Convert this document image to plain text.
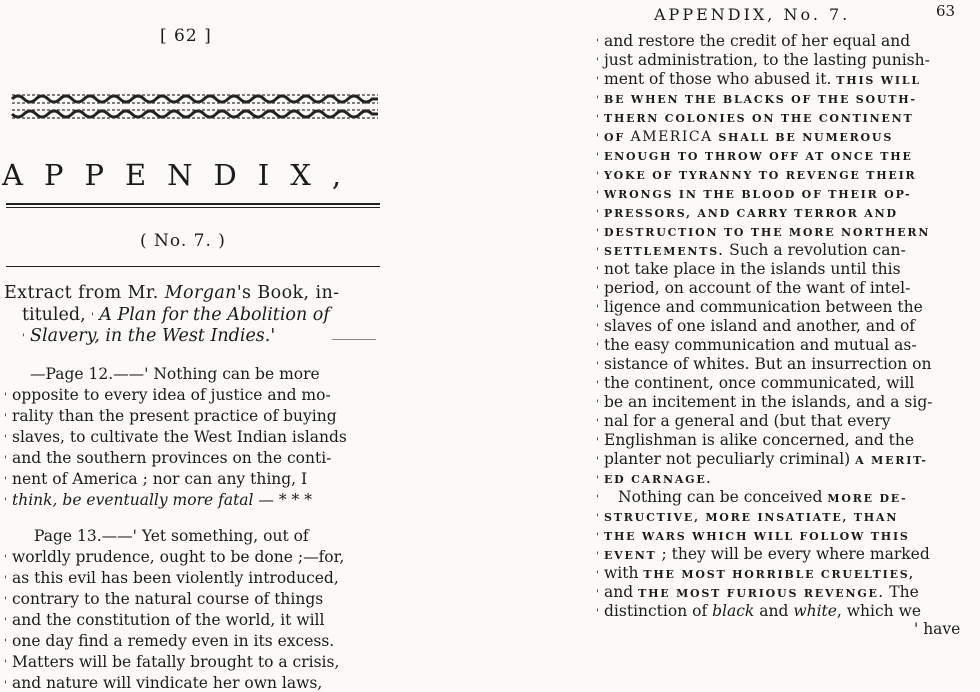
[ 62 ]
APPENDIX,
( No. 7. )
Extract from Mr. Morgan's Book, in-
tituled, ' A Plan for the Abolition of
' Slavery, in the West Indies.'
—Page 12.——' Nothing can be more
' opposite to every idea of justice and mo-
' rality than the present practice of buying
' slaves, to cultivate the West Indian islands
' and the southern provinces on the conti-
' nent of America ; nor can any thing, I
' think, be eventually more fatal — * * *
Page 13.——' Yet something, out of
' worldly prudence, ought to be done ;—for,
' as this evil has been violently introduced,
' contrary to the natural course of things
' and the constitution of the world, it will
' one day find a remedy even in its excess.
' Matters will be fatally brought to a crisis,
' and nature will vindicate her own laws,
APPENDIX, No. 7.	63
' and restore the credit of her equal and
' just administration, to the lasting punish-
' ment of those who abused it. THIS WILL
' BE WHEN THE BLACKS OF THE SOUTH-
' THERN COLONIES ON THE CONTINENT
' OF AMERICA SHALL BE NUMEROUS
' ENOUGH TO THROW OFF AT ONCE THE
' YOKE OF TYRANNY TO REVENGE THEIR
' WRONGS IN THE BLOOD OF THEIR OP-
' PRESSORS, AND CARRY TERROR AND
' DESTRUCTION TO THE MORE NORTHERN
' SETTLEMENTS. Such a revolution can-
' not take place in the islands until this
' period, on account of the want of intel-
' ligence and communication between the
' slaves of one island and another, and of
' the easy communication and mutual as-
' sistance of whites. But an insurrection on
' the continent, once communicated, will
' be an incitement in the islands, and a sig-
' nal for a general and (but that every
' Englishman is alike concerned, and the
' planter not peculiarly criminal) A MERIT-
' ED CARNAGE.
' Nothing can be conceived MORE DE-
' STRUCTIVE, MORE INSATIATE, THAN
' THE WARS WHICH WILL FOLLOW THIS
' EVENT ; they will be every where marked
' with THE MOST HORRIBLE CRUELTIES,
' and THE MOST FURIOUS REVENGE. The
' distinction of black and white, which we
' have
